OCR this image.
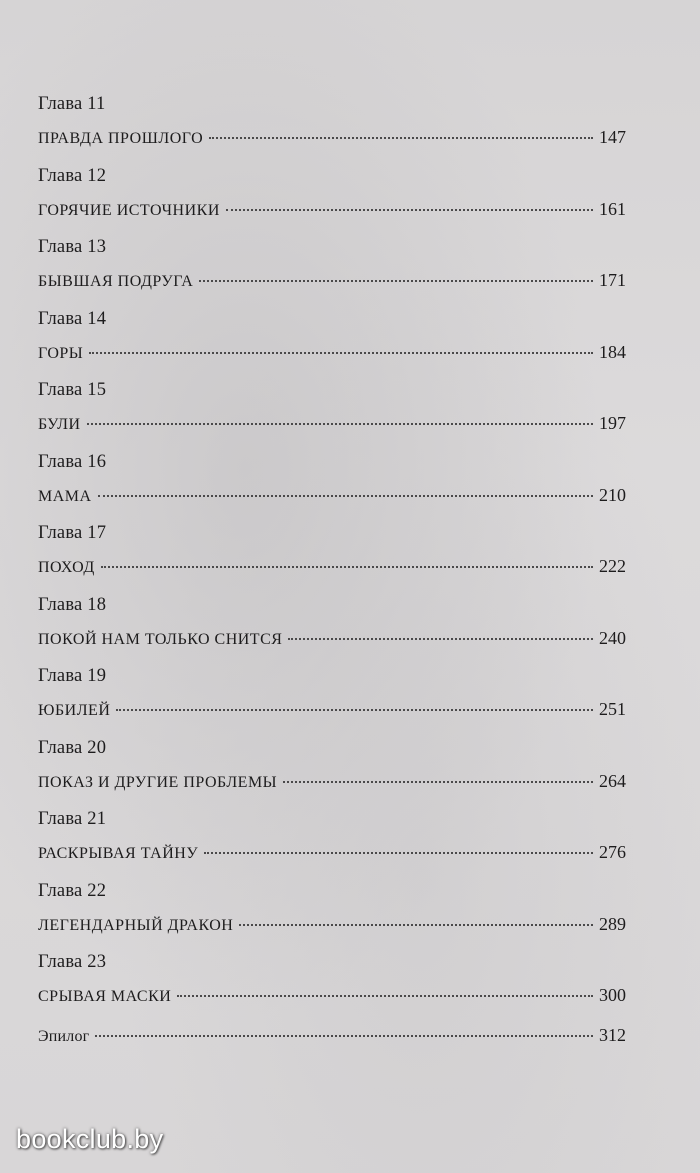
Глава 11
ПРАВДА ПРОШЛОГО	147
Глава 12
ГОРЯЧИЕ ИСТОЧНИКИ	161
Глава 13
БЫВШАЯ ПОДРУГА	171
Глава 14
ГОРЫ	184
Глава 15
БУЛИ	197
Глава 16
МАМА	210
Глава 17
ПОХОД	222
Глава 18
ПОКОЙ НАМ ТОЛЬКО СНИТСЯ	240
Глава 19
ЮБИЛЕЙ	251
Глава 20
ПОКАЗ И ДРУГИЕ ПРОБЛЕМЫ	264
Глава 21
РАСКРЫВАЯ ТАЙНУ	276
Глава 22
ЛЕГЕНДАРНЫЙ ДРАКОН	289
Глава 23
СРЫВАЯ МАСКИ	300
Эпилог	312
bookclub.by
